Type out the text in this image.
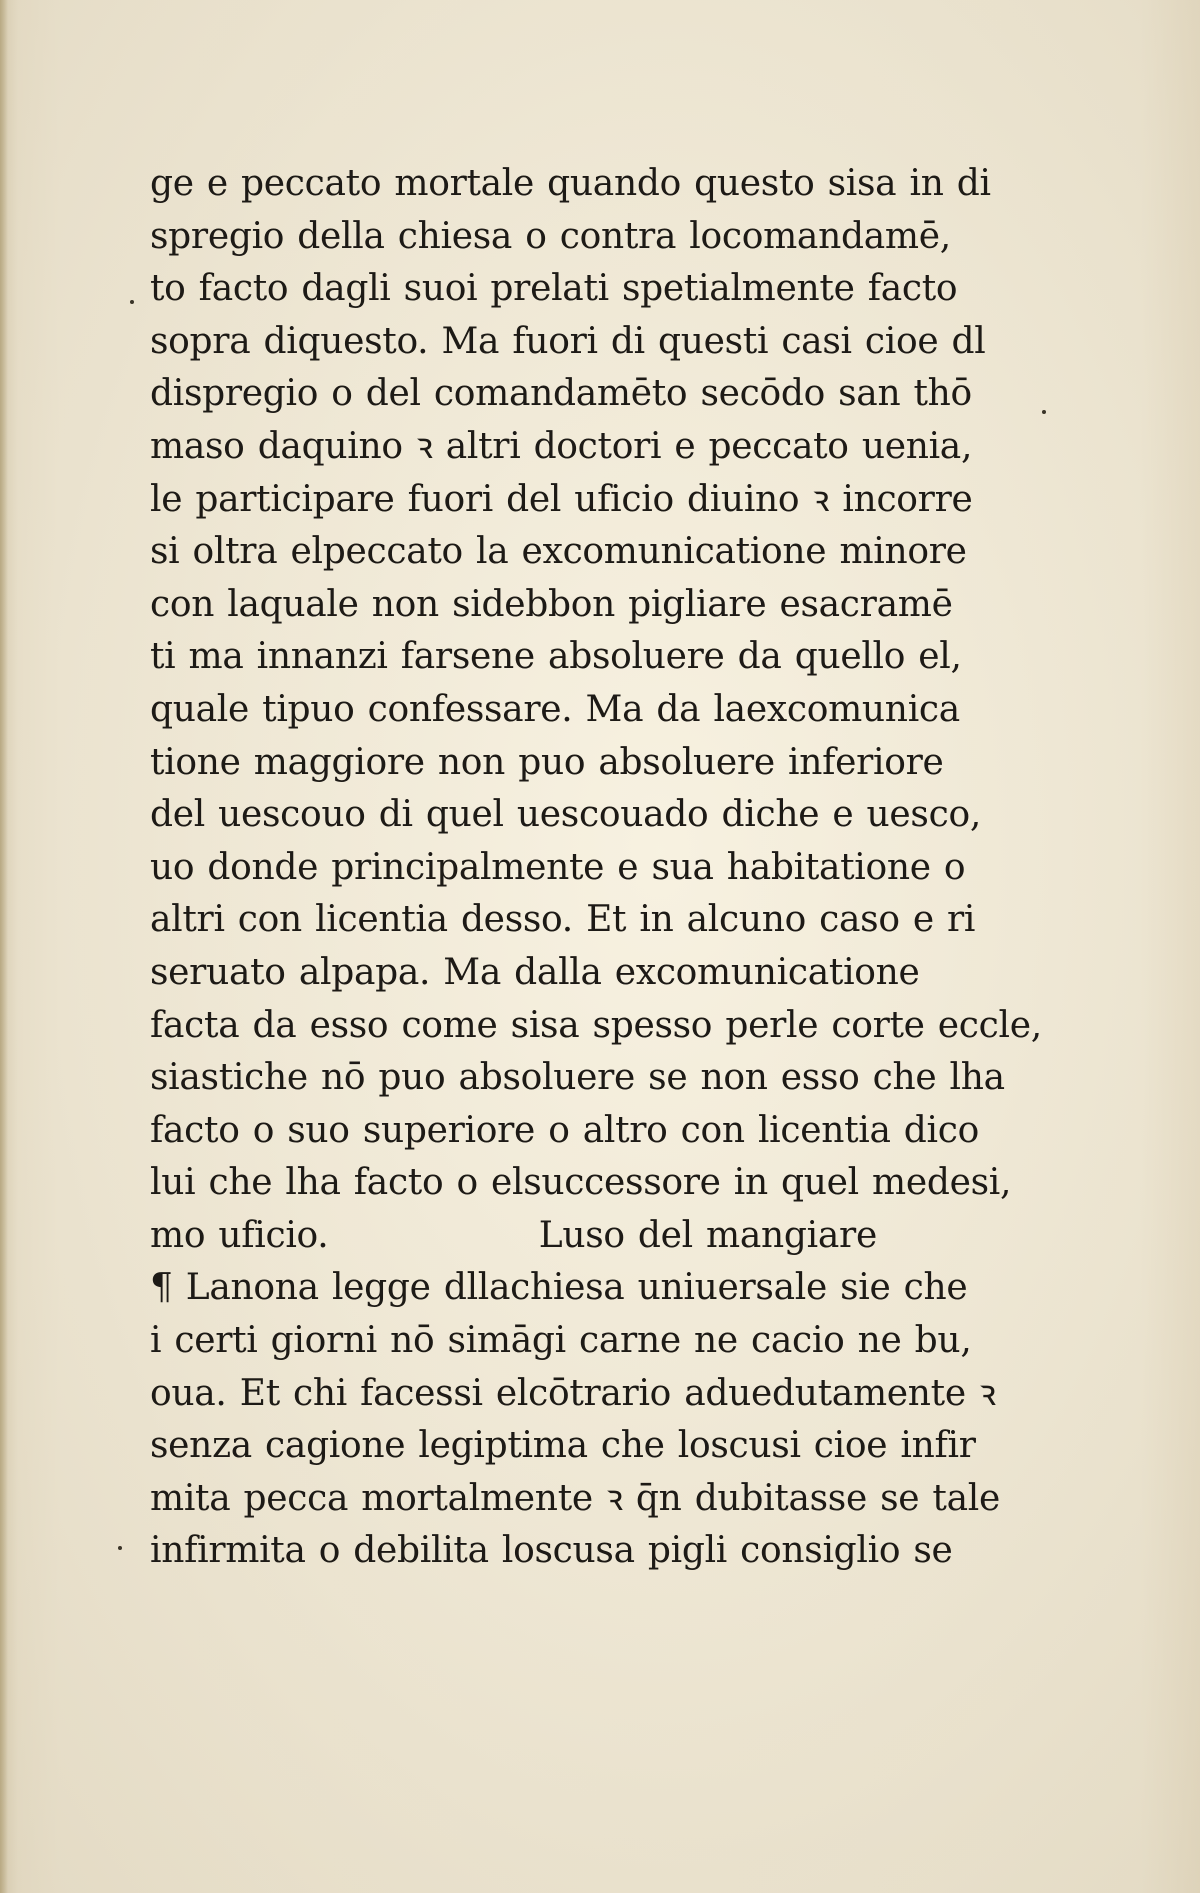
ge e peccato mortale quando questo sisa in di
spregio della chiesa o contra locomandamē,
to facto dagli suoi prelati spetialmente facto
sopra diquesto. Ma fuori di questi casi cioe dl
dispregio o del comandamēto secōdo san thō
maso daquino ꝛ altri doctori e peccato uenia,
le participare fuori del uficio diuino ꝛ incorre
si oltra elpeccato la excomunicatione minore
con laquale non sidebbon pigliare esacramē
ti ma innanzi farsene absoluere da quello el,
quale tipuo confessare. Ma da laexcomunica
tione maggiore non puo absoluere inferiore
del uescouo di quel uescouado diche e uesco,
uo donde principalmente e sua habitatione o
altri con licentia desso. Et in alcuno caso e ri
seruato alpapa. Ma dalla excomunicatione
facta da esso come sisa spesso perle corte eccle,
siastiche nō puo absoluere se non esso che lha
facto o suo superiore o altro con licentia dico
lui che lha facto o elsuccessore in quel medesi,
mo uficio.                Luso del mangiare
¶ Lanona legge dllachiesa uniuersale sie che
i certi giorni nō simāgi carne ne cacio ne bu,
oua. Et chi facessi elcōtrario aduedutamente ꝛ
senza cagione legiptima che loscusi cioe infir
mita pecca mortalmente ꝛ q̄n dubitasse se tale
infirmita o debilita loscusa pigli consiglio se
